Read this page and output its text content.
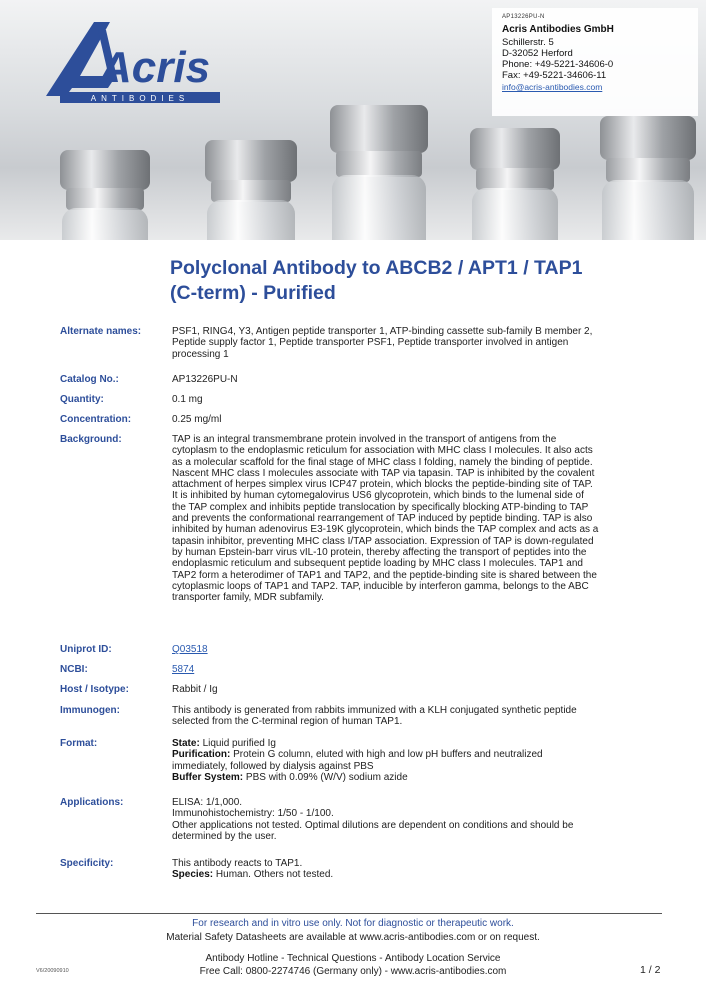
Acris
ANTIBODIES
AP13226PU-N
Acris Antibodies GmbH
Schillerstr. 5
D-32052 Herford
Phone: +49-5221-34606-0
Fax: +49-5221-34606-11
info@acris-antibodies.com
Polyclonal Antibody to ABCB2 / APT1 / TAP1
(C-term) - Purified
Alternate names:	PSF1, RING4, Y3, Antigen peptide transporter 1, ATP-binding cassette sub-family B member 2,
Peptide supply factor 1, Peptide transporter PSF1, Peptide transporter involved in antigen
processing 1
Catalog No.:	AP13226PU-N
Quantity:	0.1 mg
Concentration:	0.25 mg/ml
Background:	TAP is an integral transmembrane protein involved in the transport of antigens from the
cytoplasm to the endoplasmic reticulum for association with MHC class I molecules. It also acts
as a molecular scaffold for the final stage of MHC class I folding, namely the binding of peptide.
Nascent MHC class I molecules associate with TAP via tapasin. TAP is inhibited by the covalent
attachment of herpes simplex virus ICP47 protein, which blocks the peptide-binding site of TAP.
It is inhibited by human cytomegalovirus US6 glycoprotein, which binds to the lumenal side of
the TAP complex and inhibits peptide translocation by specifically blocking ATP-binding to TAP
and prevents the conformational rearrangement of TAP induced by peptide binding. TAP is also
inhibited by human adenovirus E3-19K glycoprotein, which binds the TAP complex and acts as a
tapasin inhibitor, preventing MHC class I/TAP association. Expression of TAP is down-regulated
by human Epstein-barr virus vIL-10 protein, thereby affecting the transport of peptides into the
endoplasmic reticulum and subsequent peptide loading by MHC class I molecules. TAP1 and
TAP2 form a heterodimer of TAP1 and TAP2, and the peptide-binding site is shared between the
cytoplasmic loops of TAP1 and TAP2. TAP, inducible by interferon gamma, belongs to the ABC
transporter family, MDR subfamily.
Uniprot ID:	Q03518
NCBI:	5874
Host / Isotype:	Rabbit / Ig
Immunogen:	This antibody is generated from rabbits immunized with a KLH conjugated synthetic peptide
selected from the C-terminal region of human TAP1.
Format:	State: Liquid purified Ig
Purification: Protein G column, eluted with high and low pH buffers and neutralized
immediately, followed by dialysis against PBS
Buffer System: PBS with 0.09% (W/V) sodium azide
Applications:	ELISA: 1/1,000.
Immunohistochemistry: 1/50 - 1/100.
Other applications not tested. Optimal dilutions are dependent on conditions and should be
determined by the user.
Specificity:	This antibody reacts to TAP1.
Species: Human. Others not tested.
For research and in vitro use only. Not for diagnostic or therapeutic work.
Material Safety Datasheets are available at www.acris-antibodies.com or on request.
Antibody Hotline - Technical Questions - Antibody Location Service
Free Call: 0800-2274746 (Germany only) - www.acris-antibodies.com
V6/20090910	1 / 2
